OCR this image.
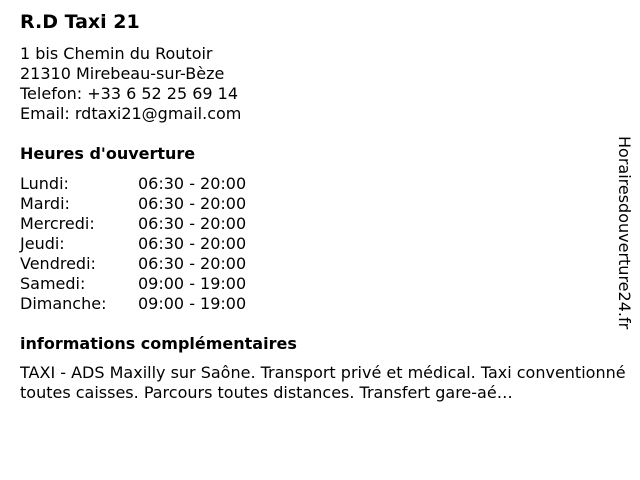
R.D Taxi 21
1 bis Chemin du Routoir
21310 Mirebeau-sur-Bèze
Telefon: +33 6 52 25 69 14
Email: rdtaxi21@gmail.com
Heures d'ouverture
Lundi:	06:30 - 20:00
Mardi:	06:30 - 20:00
Mercredi:	06:30 - 20:00
Jeudi:	06:30 - 20:00
Vendredi:	06:30 - 20:00
Samedi:	09:00 - 19:00
Dimanche:	09:00 - 19:00
informations complémentaires
TAXI - ADS Maxilly sur Saône. Transport privé et médical. Taxi conventionné toutes caisses. Parcours toutes distances. Transfert gare-aé…
Horairesdouverture24.fr
